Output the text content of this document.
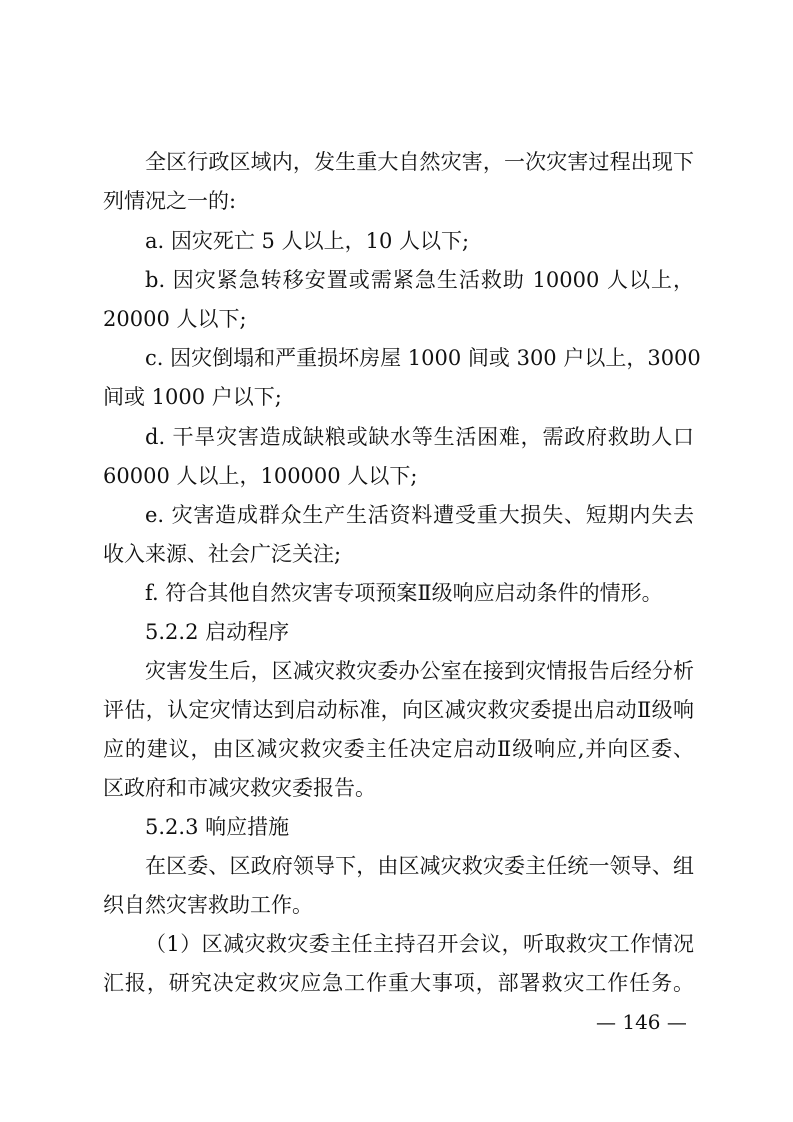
全区行政区域内，发生重大自然灾害，一次灾害过程出现下
列情况之一的:
a. 因灾死亡 5 人以上，10 人以下;
b. 因灾紧急转移安置或需紧急生活救助 10000 人以上，
20000 人以下;
c. 因灾倒塌和严重损坏房屋 1000 间或 300 户以上，3000
间或 1000 户以下;
d. 干旱灾害造成缺粮或缺水等生活困难，需政府救助人口
60000 人以上，100000 人以下;
e. 灾害造成群众生产生活资料遭受重大损失、短期内失去
收入来源、社会广泛关注;
f. 符合其他自然灾害专项预案Ⅱ级响应启动条件的情形。
5.2.2 启动程序
灾害发生后，区减灾救灾委办公室在接到灾情报告后经分析
评估，认定灾情达到启动标准，向区减灾救灾委提出启动Ⅱ级响
应的建议，由区减灾救灾委主任决定启动Ⅱ级响应,并向区委、
区政府和市减灾救灾委报告。
5.2.3 响应措施
在区委、区政府领导下，由区减灾救灾委主任统一领导、组
织自然灾害救助工作。
（1）区减灾救灾委主任主持召开会议，听取救灾工作情况
汇报，研究决定救灾应急工作重大事项，部署救灾工作任务。
— 146 —
